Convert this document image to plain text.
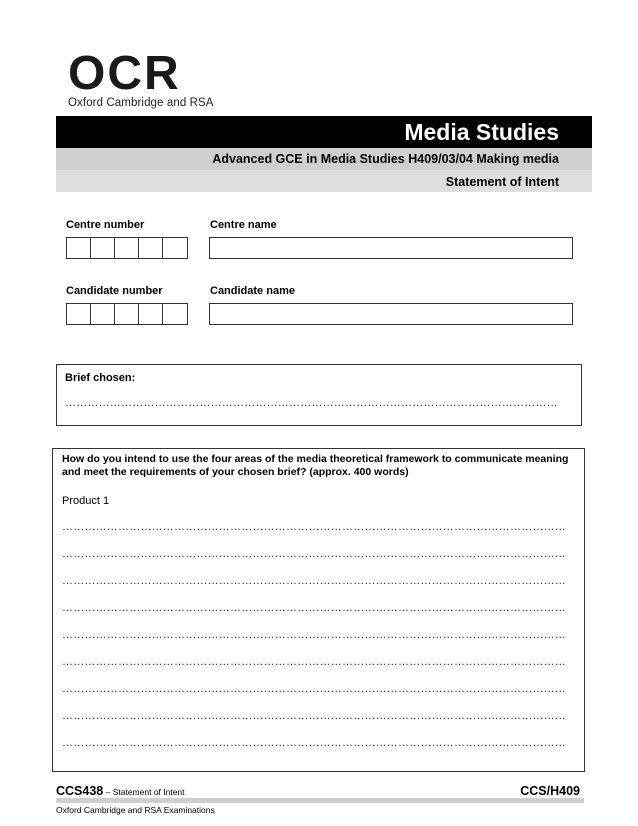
OCR
Oxford Cambridge and RSA
Media Studies
Advanced GCE in Media Studies H409/03/04 Making media
Statement of Intent
Centre number	Centre name
Candidate number	Candidate name
Brief chosen:
……………………………………………………………………………………………………………………
How do you intend to use the four areas of the media theoretical framework to communicate meaning and meet the requirements of your chosen brief? (approx. 400 words)
Product 1
………………………………………………………………………………………………………………………
………………………………………………………………………………………………………………………
………………………………………………………………………………………………………………………
………………………………………………………………………………………………………………………
………………………………………………………………………………………………………………………
………………………………………………………………………………………………………………………
………………………………………………………………………………………………………………………
………………………………………………………………………………………………………………………
………………………………………………………………………………………………………………………
CCS438 – Statement of Intent	CCS/H409
Oxford Cambridge and RSA Examinations
